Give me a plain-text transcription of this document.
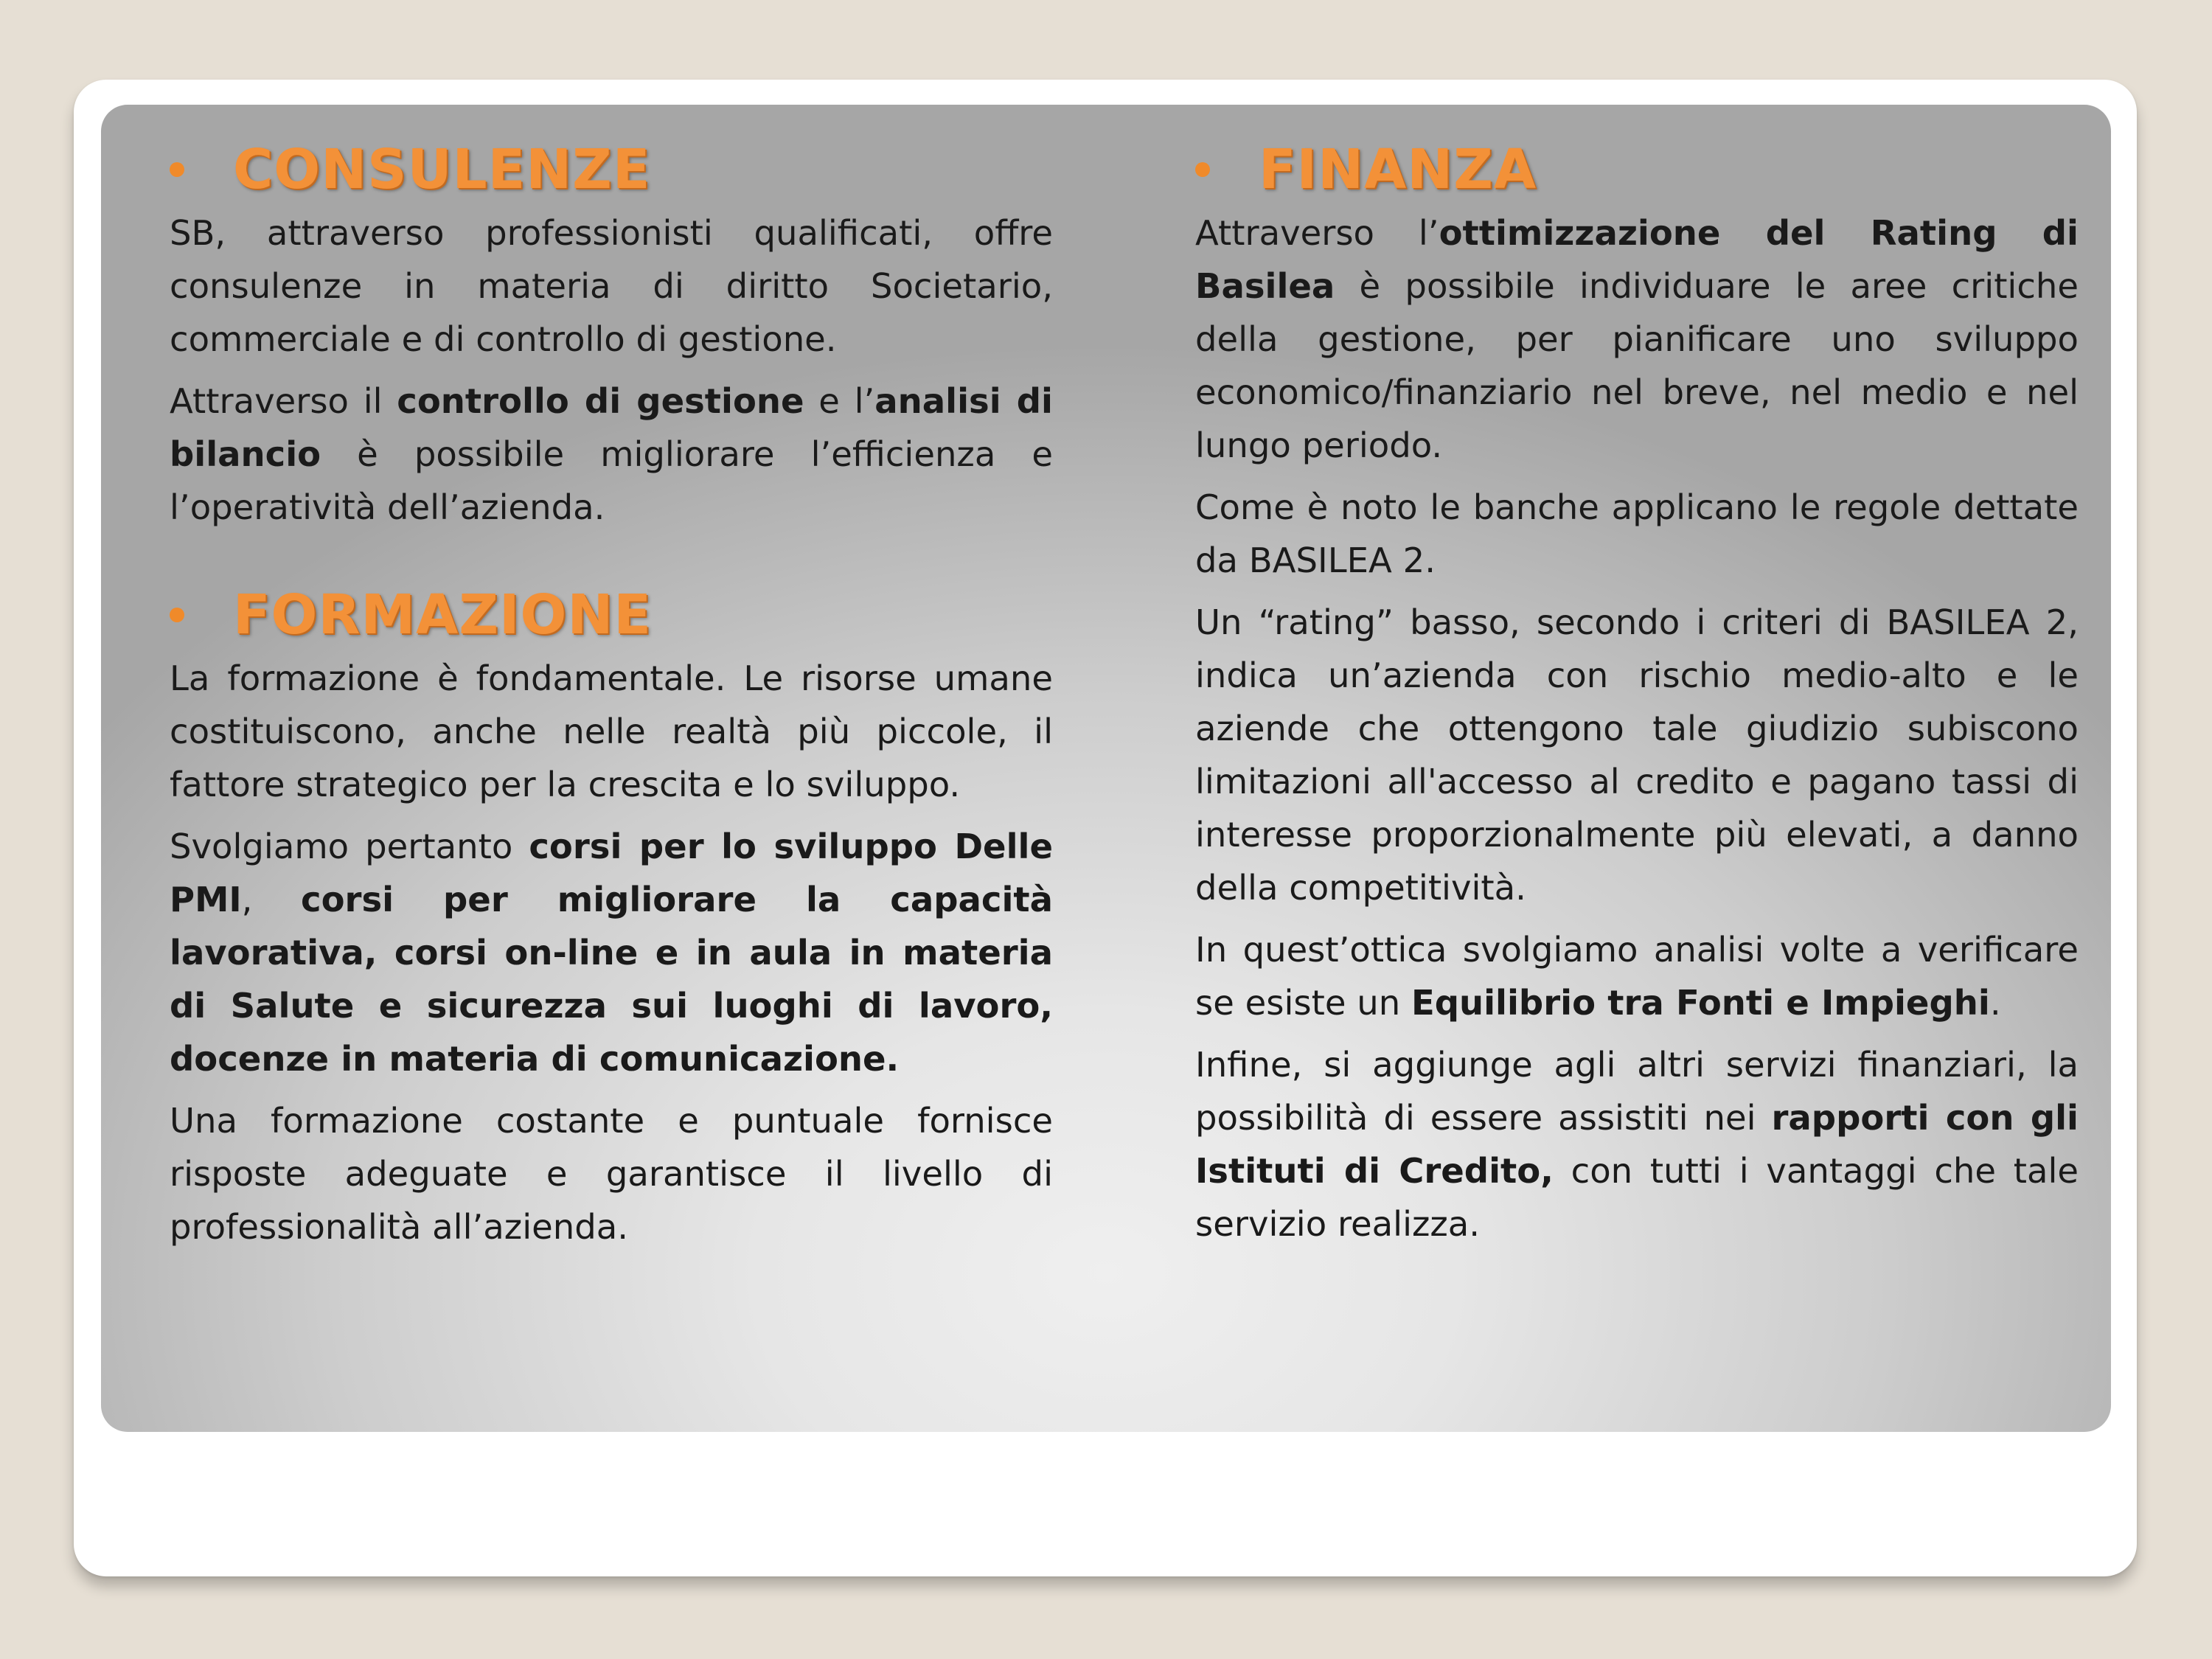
CONSULENZE

SB, attraverso professionisti qualificati, offre consulenze in materia di diritto Societario, commerciale e di controllo di gestione.

Attraverso il controllo di gestione e l’analisi di bilancio è possibile migliorare l’efficienza e l’operatività dell’azienda.

FORMAZIONE

La formazione è fondamentale. Le risorse umane costituiscono, anche nelle realtà più piccole, il fattore strategico per la crescita e lo sviluppo.

Svolgiamo pertanto corsi per lo sviluppo Delle PMI, corsi per migliorare la capacità lavorativa, corsi on-line e in aula in materia di Salute e sicurezza sui luoghi di lavoro, docenze in materia di comunicazione.

Una formazione costante e puntuale fornisce risposte adeguate e garantisce il livello di professionalità all’azienda.

FINANZA

Attraverso l’ottimizzazione del Rating di Basilea è possibile individuare le aree critiche della gestione, per pianificare uno sviluppo economico/finanziario nel breve, nel medio e nel lungo periodo.

Come è noto le banche applicano le regole dettate da BASILEA 2.

Un “rating” basso, secondo i criteri di BASILEA 2, indica un’azienda con rischio medio-alto e le aziende che ottengono tale giudizio subiscono limitazioni all'accesso al credito e pagano tassi di interesse proporzionalmente più elevati, a danno della competitività.

In quest’ottica svolgiamo analisi volte a verificare se esiste un Equilibrio tra Fonti e Impieghi.

Infine, si aggiunge agli altri servizi finanziari, la possibilità di essere assistiti nei rapporti con gli Istituti di Credito, con tutti i vantaggi che tale servizio realizza.
